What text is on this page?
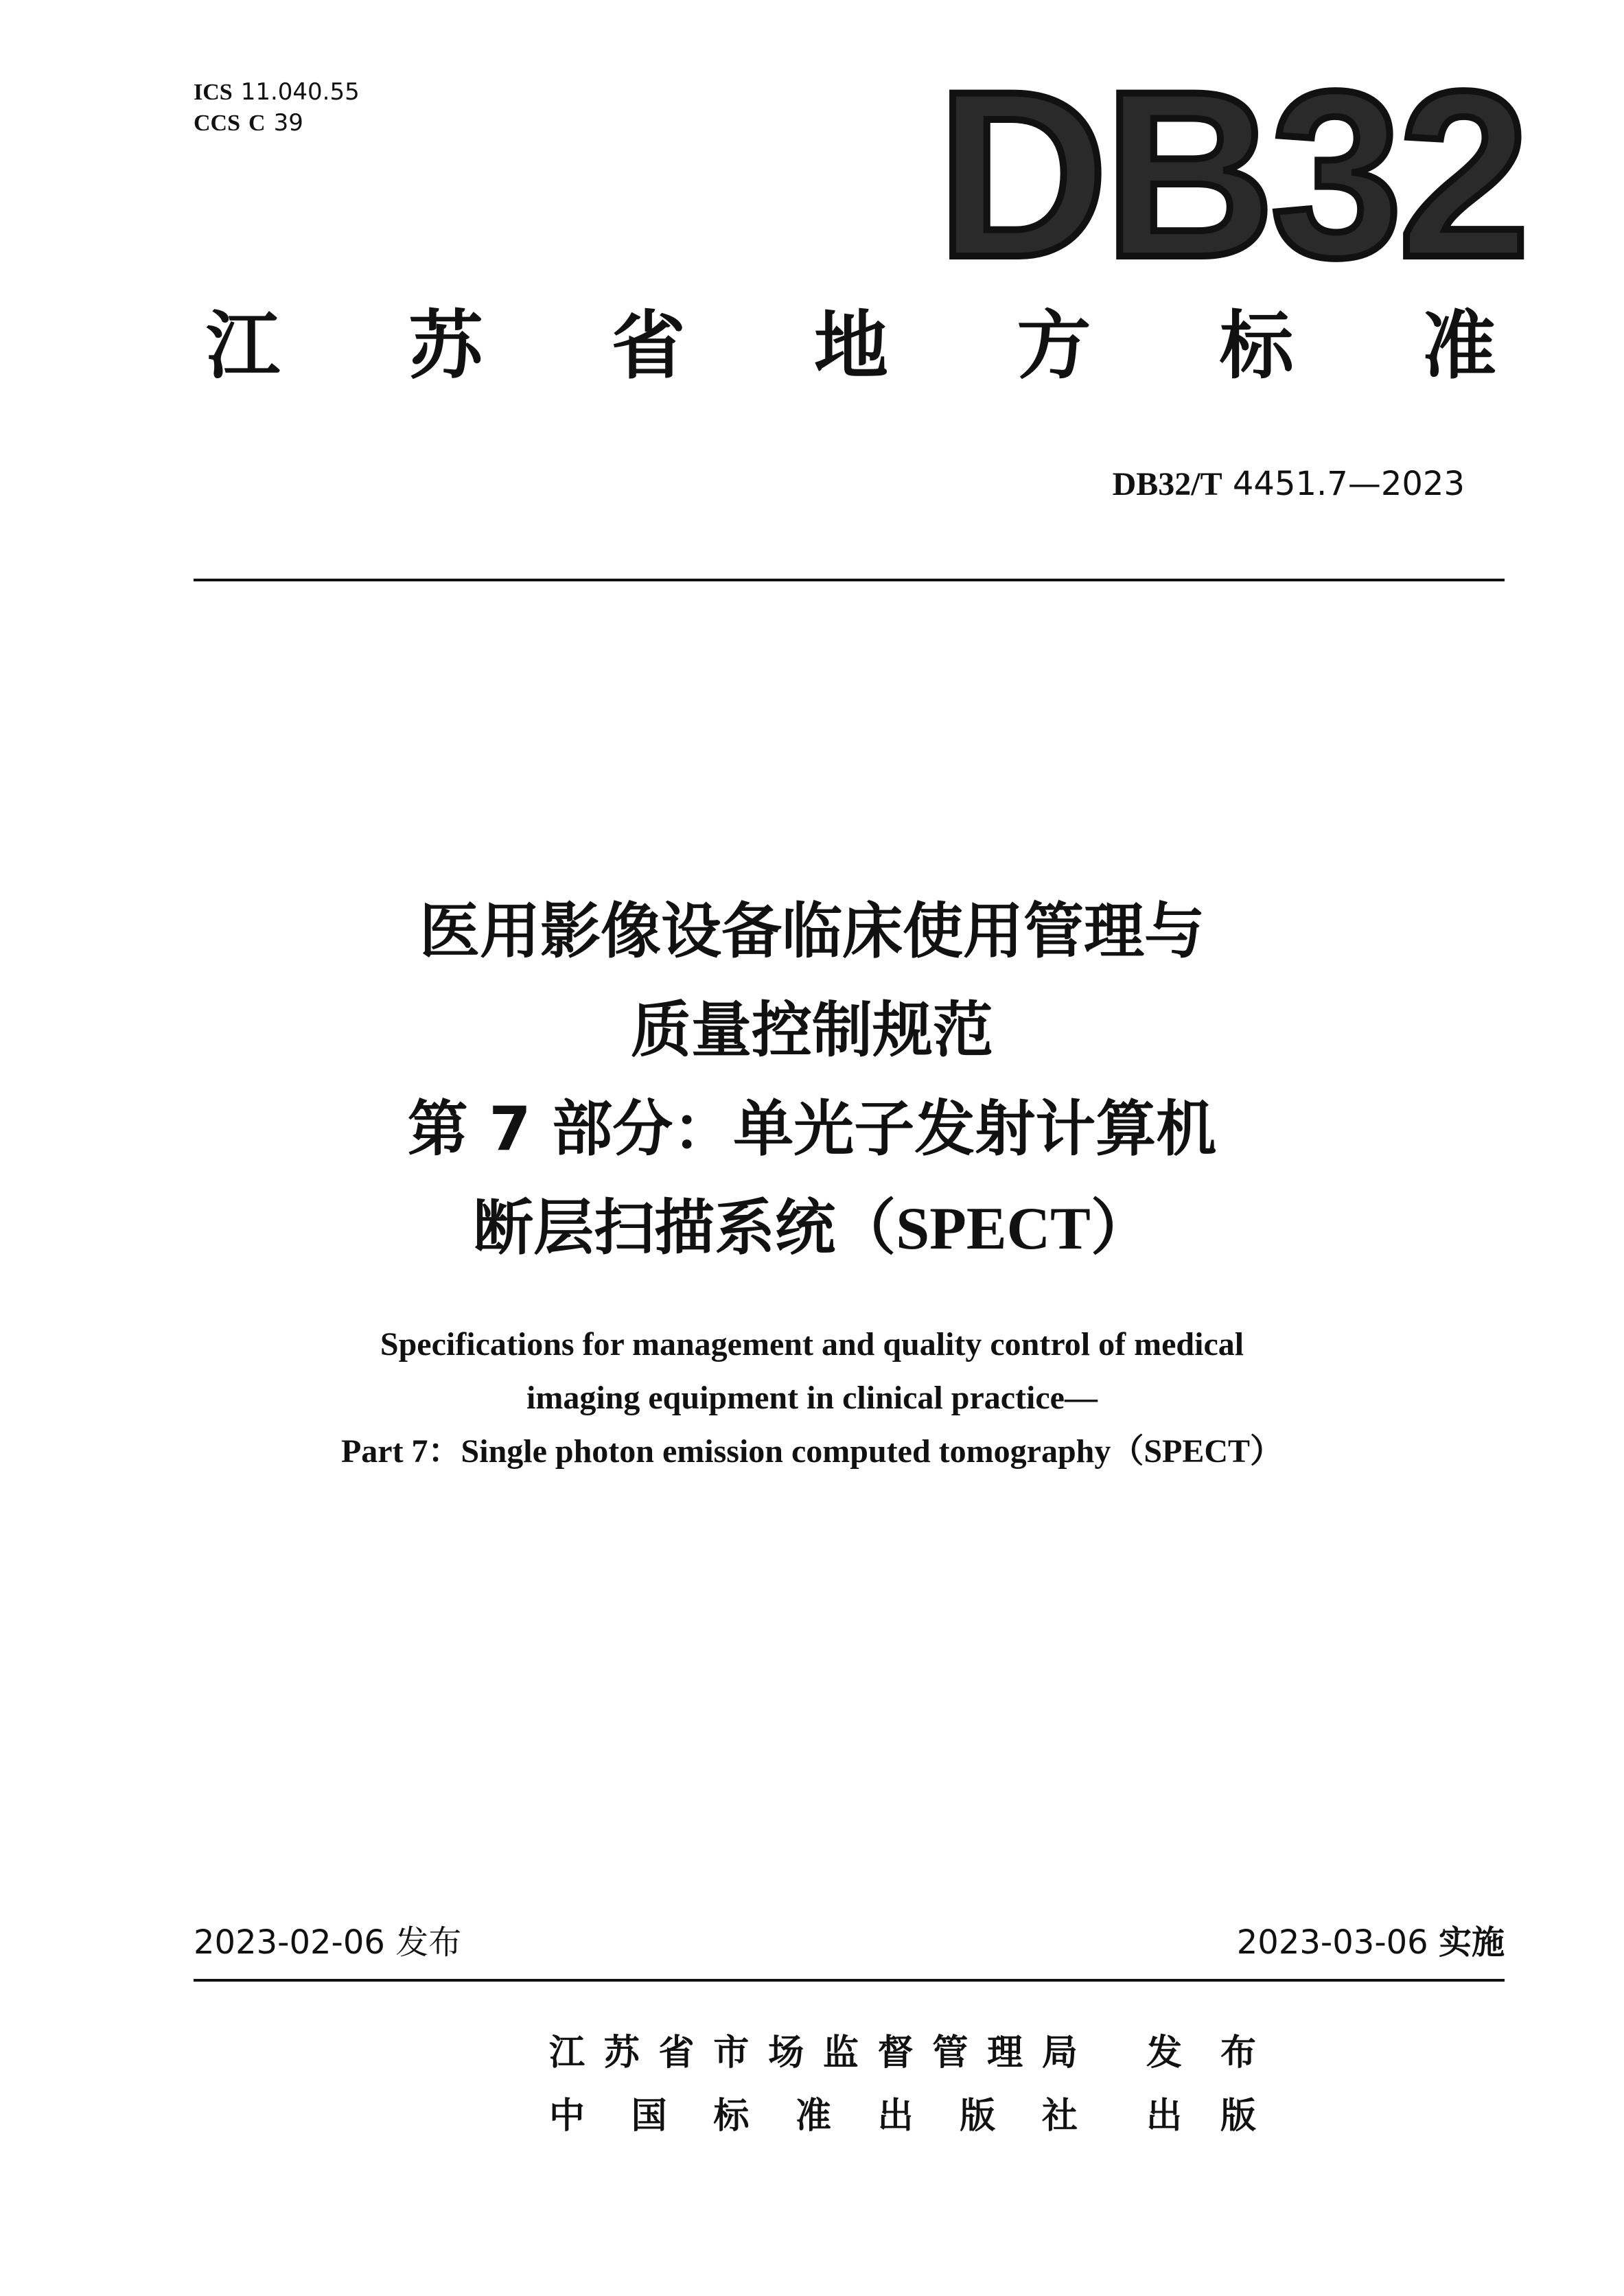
ICS 11.040.55
CCS C 39	DB32
江 苏 省 地 方 标 准
DB32/T 4451.7—2023
医用影像设备临床使用管理与
质量控制规范
第 7 部分：单光子发射计算机
断层扫描系统（SPECT）
Specifications for management and quality control of medical
imaging equipment in clinical practice—
Part 7：Single photon emission computed tomography（SPECT）
2023-02-06 发布	2023-03-06 实施
江 苏 省 市 场 监 督 管 理 局 发 布
中 国 标 准 出 版 社 出 版
